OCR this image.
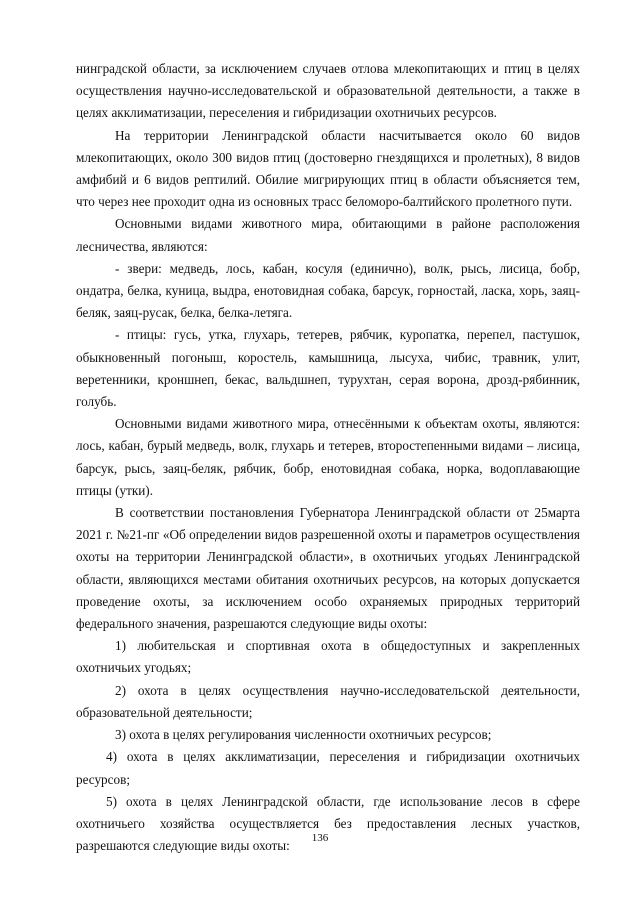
нинградской области, за исключением случаев отлова млекопитающих и птиц в целях осуществления научно-исследовательской и образовательной деятельности, а также в целях акклиматизации, переселения и гибридизации охотничьих ресурсов.

На территории Ленинградской области насчитывается около 60 видов млекопитающих, около 300 видов птиц (достоверно гнездящихся и пролетных), 8 видов амфибий и 6 видов рептилий. Обилие мигрирующих птиц в области объясняется тем, что через нее проходит одна из основных трасс беломоро-балтийского пролетного пути.

Основными видами животного мира, обитающими в районе расположения лесничества, являются:

- звери: медведь, лось, кабан, косуля (единично), волк, рысь, лисица, бобр, ондатра, белка, куница, выдра, енотовидная собака, барсук, горностай, ласка, хорь, заяц-беляк, заяц-русак, белка, белка-летяга.

- птицы: гусь, утка, глухарь, тетерев, рябчик, куропатка, перепел, пастушок, обыкновенный погоныш, коростель, камышница, лысуха, чибис, травник, улит, веретенники, кроншнеп, бекас, вальдшнеп, турухтан, серая ворона, дрозд-рябинник, голубь.

Основными видами животного мира, отнесёнными к объектам охоты, являются: лось, кабан, бурый медведь, волк, глухарь и тетерев, второстепенными видами – лисица, барсук, рысь, заяц-беляк, рябчик, бобр, енотовидная собака, норка, водоплавающие птицы (утки).

В соответствии постановления Губернатора Ленинградской области от 25марта 2021 г. №21-пг «Об определении видов разрешенной охоты и параметров осуществления охоты на территории Ленинградской области», в охотничьих угодьях Ленинградской области, являющихся местами обитания охотничьих ресурсов, на которых допускается проведение охоты, за исключением особо охраняемых природных территорий федерального значения, разрешаются следующие виды охоты:

1) любительская и спортивная охота в общедоступных и закрепленных охотничьих угодьях;

2) охота в целях осуществления научно-исследовательской деятельности, образовательной деятельности;

3) охота в целях регулирования численности охотничьих ресурсов;

4) охота в целях акклиматизации, переселения и гибридизации охотничьих ресурсов;

5) охота в целях Ленинградской области, где использование лесов в сфере охотничьего хозяйства осуществляется без предоставления лесных участков, разрешаются следующие виды охоты:

136
